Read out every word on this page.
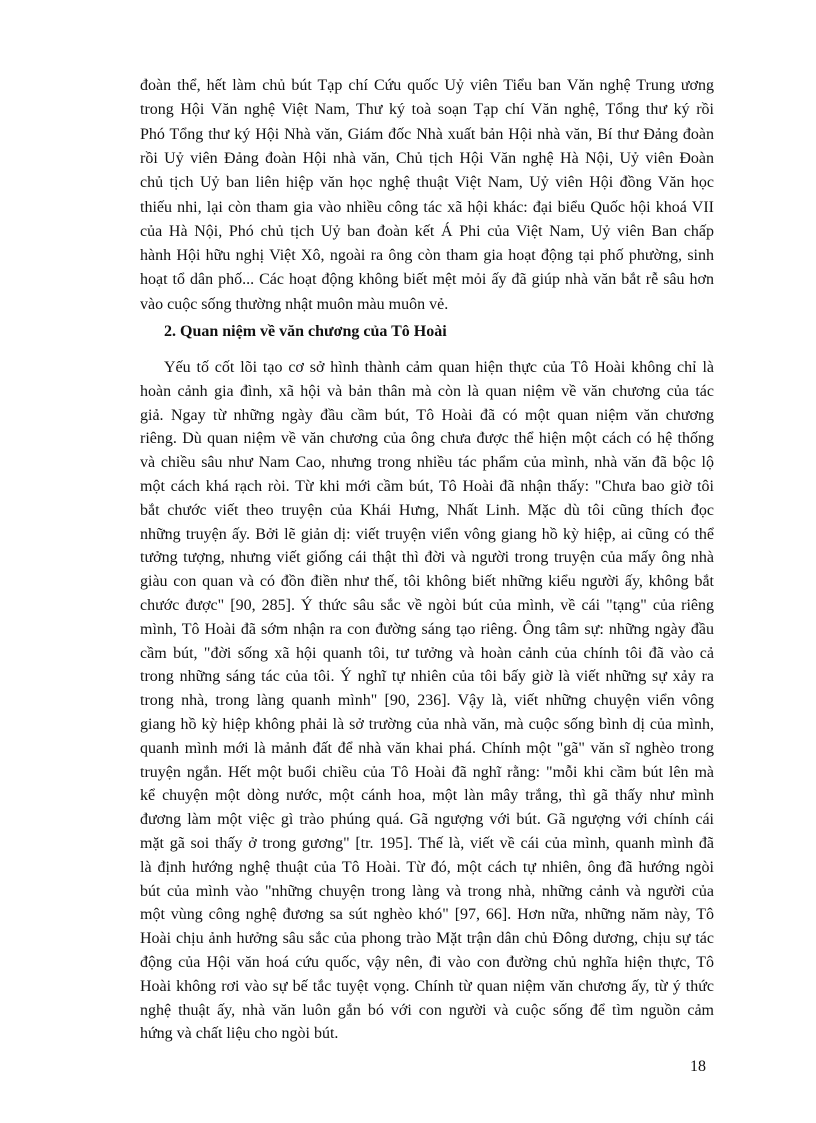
đoàn thể, hết làm chủ bút Tạp chí Cứu quốc Uỷ viên Tiểu ban Văn nghệ Trung ương
trong Hội Văn nghệ Việt Nam, Thư ký toà soạn Tạp chí Văn nghệ, Tổng thư ký rồi
Phó Tổng thư ký Hội Nhà văn, Giám đốc Nhà xuất bản Hội nhà văn, Bí thư Đảng đoàn
rồi Uỷ viên Đảng đoàn Hội nhà văn, Chủ tịch Hội Văn nghệ Hà Nội, Uỷ viên Đoàn
chủ tịch Uỷ ban liên hiệp văn học nghệ thuật Việt Nam, Uỷ viên Hội đồng Văn học
thiếu nhi, lại còn tham gia vào nhiều công tác xã hội khác: đại biểu Quốc hội khoá VII
của Hà Nội, Phó chủ tịch Uỷ ban đoàn kết Á Phi của Việt Nam, Uỷ viên Ban chấp
hành Hội hữu nghị Việt Xô, ngoài ra ông còn tham gia hoạt động tại phố phường, sinh
hoạt tổ dân phố... Các hoạt động không biết mệt mỏi ấy đã giúp nhà văn bắt rễ sâu hơn
vào cuộc sống thường nhật muôn màu muôn vẻ.
2. Quan niệm về văn chương của Tô Hoài
Yếu tố cốt lõi tạo cơ sở hình thành cảm quan hiện thực của Tô Hoài không chỉ là
hoàn cảnh gia đình, xã hội và bản thân mà còn là quan niệm về văn chương của tác
giả. Ngay từ những ngày đầu cầm bút, Tô Hoài đã có một quan niệm văn chương
riêng. Dù quan niệm về văn chương của ông chưa được thể hiện một cách có hệ thống
và chiều sâu như Nam Cao, nhưng trong nhiều tác phẩm của mình, nhà văn đã bộc lộ
một cách khá rạch ròi. Từ khi mới cầm bút, Tô Hoài đã nhận thấy: "Chưa bao giờ tôi
bắt chước viết theo truyện của Khái Hưng, Nhất Linh. Mặc dù tôi cũng thích đọc
những truyện ấy. Bởi lẽ giản dị: viết truyện viển vông giang hồ kỳ hiệp, ai cũng có thể
tưởng tượng, nhưng viết giống cái thật thì đời và người trong truyện của mấy ông nhà
giàu con quan và có đồn điền như thế, tôi không biết những kiểu người ấy, không bắt
chước được" [90, 285]. Ý thức sâu sắc về ngòi bút của mình, về cái "tạng" của riêng
mình, Tô Hoài đã sớm nhận ra con đường sáng tạo riêng. Ông tâm sự: những ngày đầu
cầm bút, "đời sống xã hội quanh tôi, tư tưởng và hoàn cảnh của chính tôi đã vào cả
trong những sáng tác của tôi. Ý nghĩ tự nhiên của tôi bấy giờ là viết những sự xảy ra
trong nhà, trong làng quanh mình" [90, 236]. Vậy là, viết những chuyện viển vông
giang hồ kỳ hiệp không phải là sở trường của nhà văn, mà cuộc sống bình dị của mình,
quanh mình mới là mảnh đất để nhà văn khai phá. Chính một "gã" văn sĩ nghèo trong
truyện ngắn. Hết một buổi chiều của Tô Hoài đã nghĩ rằng: "mỗi khi cầm bút lên mà
kể chuyện một dòng nước, một cánh hoa, một làn mây trắng, thì gã thấy như mình
đương làm một việc gì trào phúng quá. Gã ngượng với bút. Gã ngượng với chính cái
mặt gã soi thấy ở trong gương" [tr. 195]. Thế là, viết về cái của mình, quanh mình đã
là định hướng nghệ thuật của Tô Hoài. Từ đó, một cách tự nhiên, ông đã hướng ngòi
bút của mình vào "những chuyện trong làng và trong nhà, những cảnh và người của
một vùng công nghệ đương sa sút nghèo khó" [97, 66]. Hơn nữa, những năm này, Tô
Hoài chịu ảnh hưởng sâu sắc của phong trào Mặt trận dân chủ Đông dương, chịu sự tác
động của Hội văn hoá cứu quốc, vậy nên, đi vào con đường chủ nghĩa hiện thực, Tô
Hoài không rơi vào sự bế tắc tuyệt vọng. Chính từ quan niệm văn chương ấy, từ ý thức
nghệ thuật ấy, nhà văn luôn gắn bó với con người và cuộc sống để tìm nguồn cảm
hứng và chất liệu cho ngòi bút.
18
